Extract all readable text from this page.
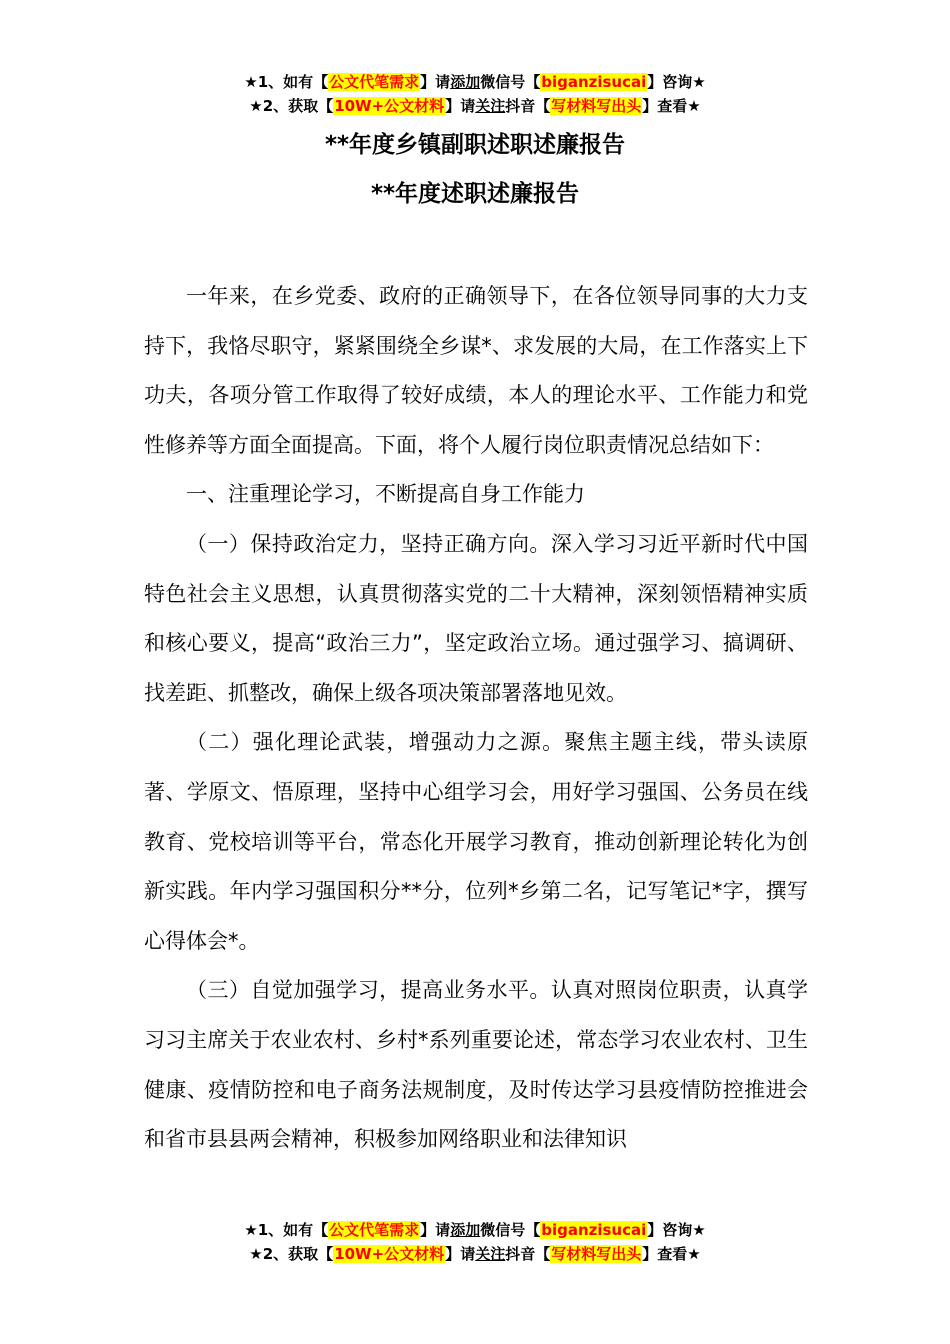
★1、如有【公文代笔需求】请添加微信号【biganzisucai】咨询★
★2、获取【10W+公文材料】请关注抖音【写材料写出头】查看★
**年度乡镇副职述职述廉报告
**年度述职述廉报告

一年来，在乡党委、政府的正确领导下，在各位领导同事的大力支持下，我恪尽职守，紧紧围绕全乡谋*、求发展的大局，在工作落实上下功夫，各项分管工作取得了较好成绩，本人的理论水平、工作能力和党性修养等方面全面提高。下面，将个人履行岗位职责情况总结如下：

一、注重理论学习，不断提高自身工作能力

（一）保持政治定力，坚持正确方向。深入学习习近平新时代中国特色社会主义思想，认真贯彻落实党的二十大精神，深刻领悟精神实质和核心要义，提高“政治三力”，坚定政治立场。通过强学习、搞调研、找差距、抓整改，确保上级各项决策部署落地见效。

（二）强化理论武装，增强动力之源。聚焦主题主线，带头读原著、学原文、悟原理，坚持中心组学习会，用好学习强国、公务员在线教育、党校培训等平台，常态化开展学习教育，推动创新理论转化为创新实践。年内学习强国积分**分，位列*乡第二名，记写笔记*字，撰写心得体会*。

（三）自觉加强学习，提高业务水平。认真对照岗位职责，认真学习习主席关于农业农村、乡村*系列重要论述，常态学习农业农村、卫生健康、疫情防控和电子商务法规制度，及时传达学习县疫情防控推进会和省市县县两会精神，积极参加网络职业和法律知识

★1、如有【公文代笔需求】请添加微信号【biganzisucai】咨询★
★2、获取【10W+公文材料】请关注抖音【写材料写出头】查看★
